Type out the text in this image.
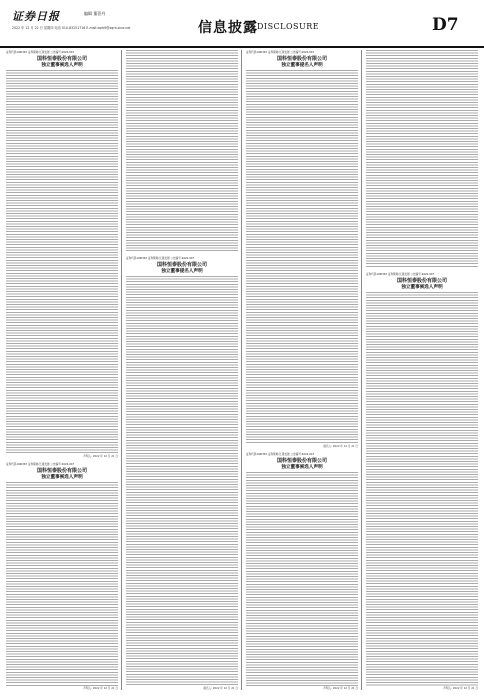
证券日报	编辑 董蓓丹
2022 年 12 月 22 日 星期四 电话 010-83251716 E-mail:zqrb9@zqrb.sina.net	信息披露 DISCLOSURE	D7
证券代码:600367 证券简称:红星发展 公告编号:2022-047
国科恒泰股份有限公司
独立董事候选人声明
声明人: 2022 年 12 月 21 日
证券代码:600367 证券简称:红星发展 公告编号:2022-047
国科恒泰股份有限公司
独立董事候选人声明
声明人: 2022 年 12 月 21 日
证券代码:600367 证券简称:红星发展 公告编号:2022-047
国科恒泰股份有限公司
独立董事提名人声明
提名人: 2022 年 12 月 21 日
证券代码:600367 证券简称:红星发展 公告编号:2022-047
国科恒泰股份有限公司
独立董事提名人声明
提名人: 2022 年 12 月 21 日
证券代码:600367 证券简称:红星发展 公告编号:2022-047
国科恒泰股份有限公司
独立董事候选人声明
声明人: 2022 年 12 月 21 日
证券代码:600367 证券简称:红星发展 公告编号:2022-047
国科恒泰股份有限公司
独立董事候选人声明
声明人: 2022 年 12 月 21 日
